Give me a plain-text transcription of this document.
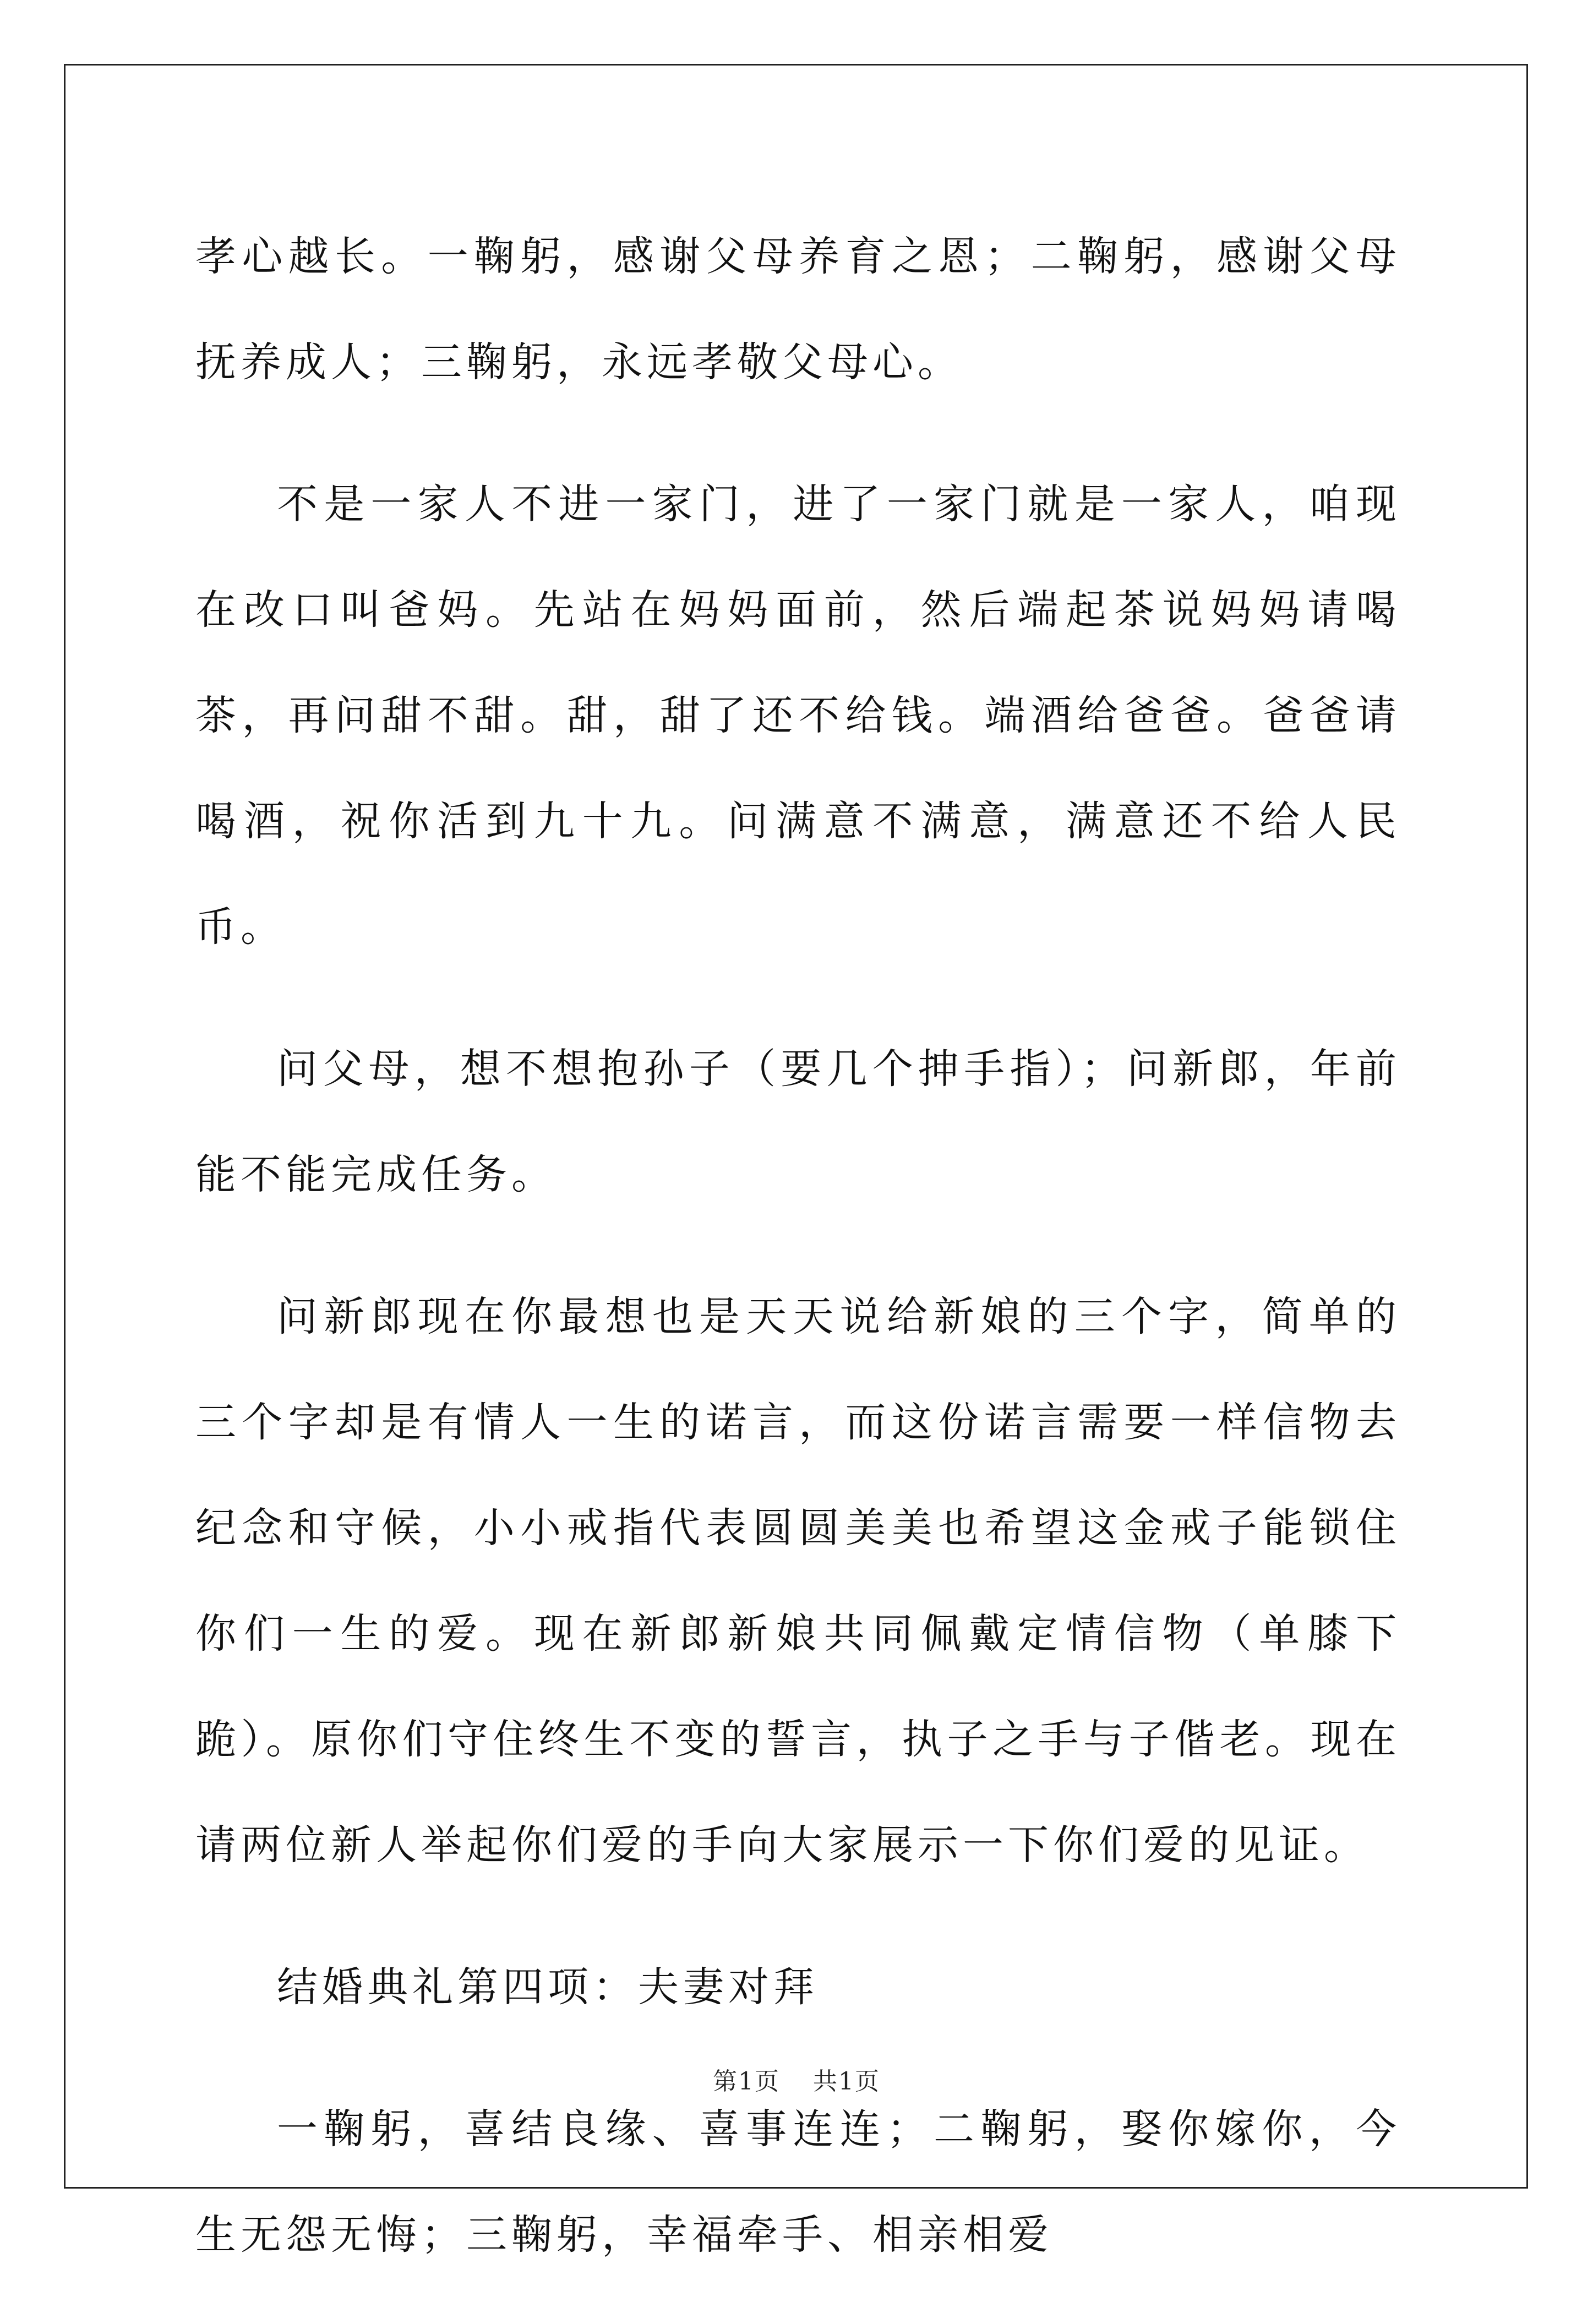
孝心越长。一鞠躬，感谢父母养育之恩；二鞠躬，感谢父母抚养成人；三鞠躬，永远孝敬父母心。

不是一家人不进一家门，进了一家门就是一家人，咱现在改口叫爸妈。先站在妈妈面前，然后端起茶说妈妈请喝茶，再问甜不甜。甜，甜了还不给钱。端酒给爸爸。爸爸请喝酒，祝你活到九十九。问满意不满意，满意还不给人民币。

问父母，想不想抱孙子（要几个抻手指）；问新郎，年前能不能完成任务。

问新郎现在你最想也是天天说给新娘的三个字，简单的三个字却是有情人一生的诺言，而这份诺言需要一样信物去纪念和守候，小小戒指代表圆圆美美也希望这金戒子能锁住你们一生的爱。现在新郎新娘共同佩戴定情信物（单膝下跪）。原你们守住终生不变的誓言，执子之手与子偕老。现在请两位新人举起你们爱的手向大家展示一下你们爱的见证。

结婚典礼第四项：夫妻对拜

一鞠躬，喜结良缘、喜事连连；二鞠躬，娶你嫁你，今生无怨无悔；三鞠躬，幸福牵手、相亲相爱

第1页 共1页
